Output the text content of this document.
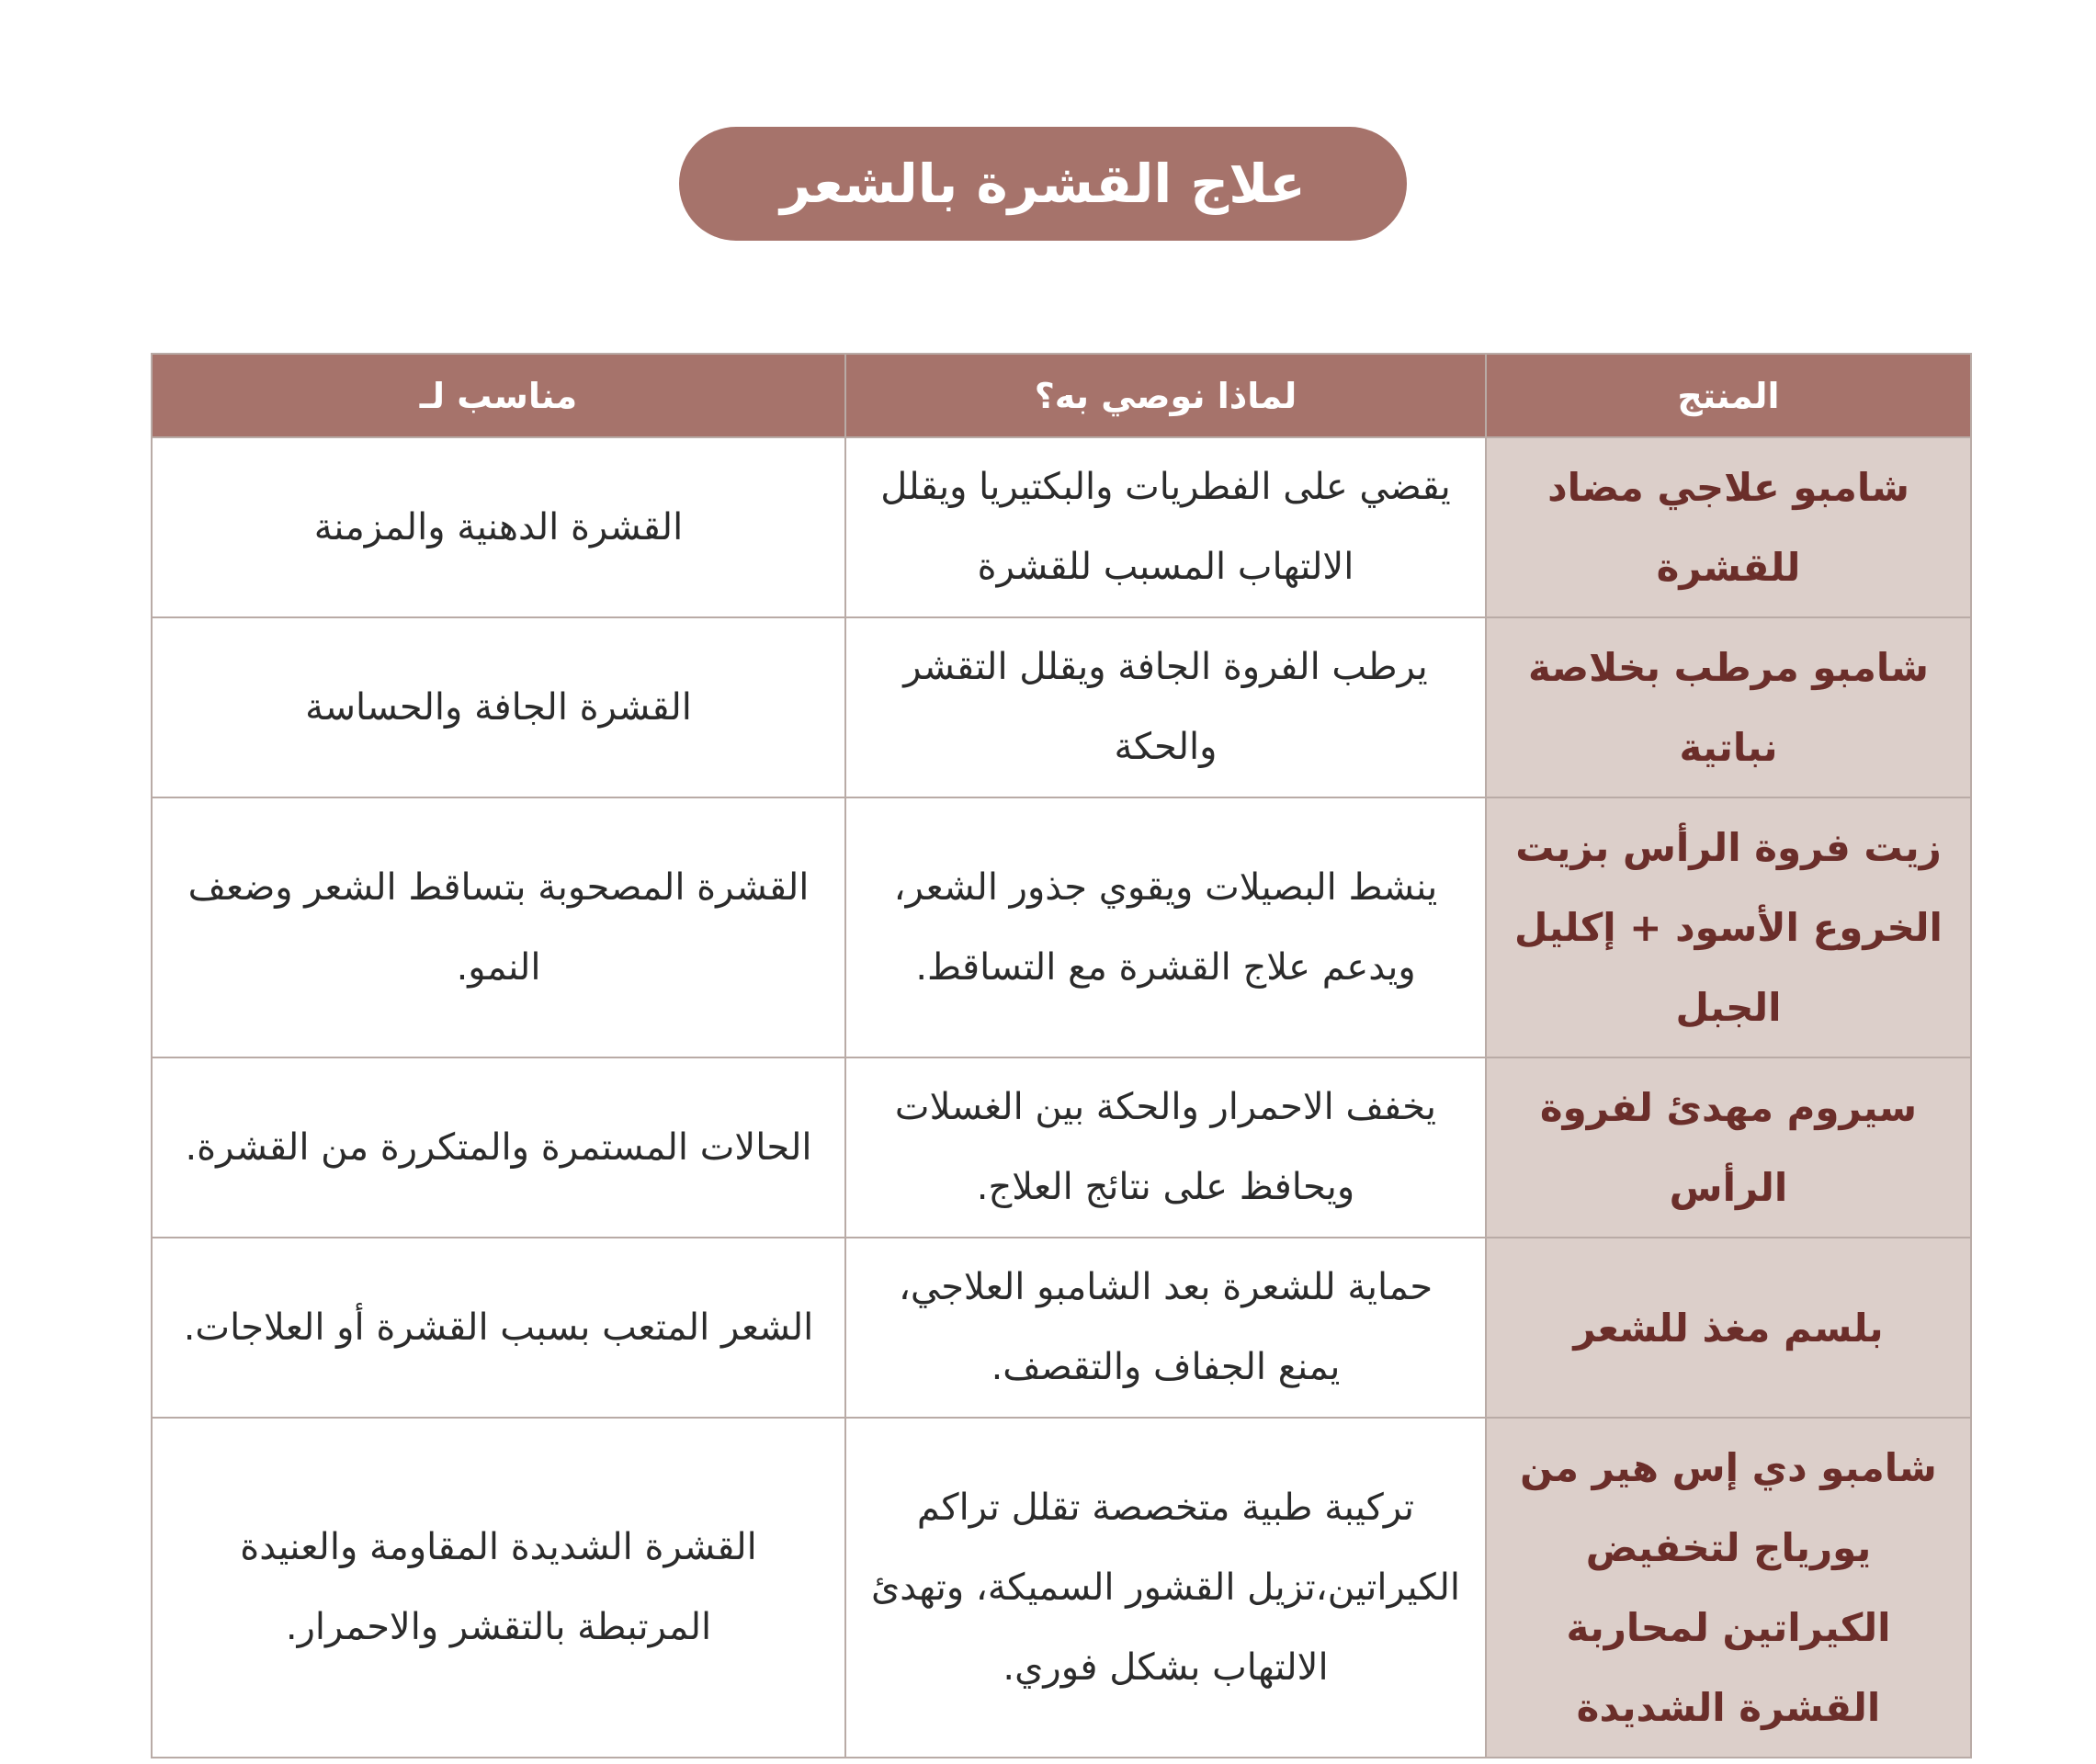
علاج القشرة بالشعر
المنتج	لماذا نوصي به؟	مناسب لـ
شامبو علاجي مضاد للقشرة	يقضي على الفطريات والبكتيريا ويقلل الالتهاب المسبب للقشرة	القشرة الدهنية والمزمنة
شامبو مرطب بخلاصة نباتية	يرطب الفروة الجافة ويقلل التقشر والحكة	القشرة الجافة والحساسة
زيت فروة الرأس بزيت الخروع الأسود + إكليل الجبل	ينشط البصيلات ويقوي جذور الشعر، ويدعم علاج القشرة مع التساقط.	القشرة المصحوبة بتساقط الشعر وضعف النمو.
سيروم مهدئ لفروة الرأس	يخفف الاحمرار والحكة بين الغسلات ويحافظ على نتائج العلاج.	الحالات المستمرة والمتكررة من القشرة.
بلسم مغذ للشعر	حماية للشعرة بعد الشامبو العلاجي، يمنع الجفاف والتقصف.	الشعر المتعب بسبب القشرة أو العلاجات.
شامبو دي إس هير من يورياج لتخفيض الكيراتين لمحاربة القشرة الشديدة	تركيبة طبية متخصصة تقلل تراكم الكيراتين،تزيل القشور السميكة، وتهدئ الالتهاب بشكل فوري.	القشرة الشديدة المقاومة والعنيدة المرتبطة بالتقشر والاحمرار.
